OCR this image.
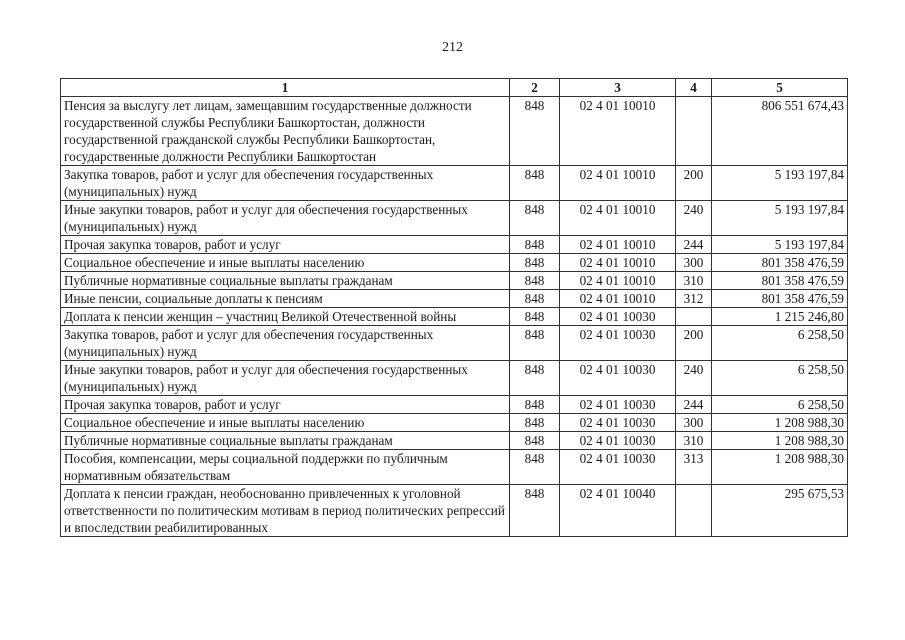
212
1	2	3	4	5
Пенсия за выслугу лет лицам, замещавшим государственные должности государственной службы Республики Башкортостан, должности государственной гражданской службы Республики Башкортостан, государственные должности Республики Башкортостан	848	02 4 01 10010		806 551 674,43
Закупка товаров, работ и услуг для обеспечения государственных (муниципальных) нужд	848	02 4 01 10010	200	5 193 197,84
Иные закупки товаров, работ и услуг для обеспечения государственных (муниципальных) нужд	848	02 4 01 10010	240	5 193 197,84
Прочая закупка товаров, работ и услуг	848	02 4 01 10010	244	5 193 197,84
Социальное обеспечение и иные выплаты населению	848	02 4 01 10010	300	801 358 476,59
Публичные нормативные социальные выплаты гражданам	848	02 4 01 10010	310	801 358 476,59
Иные пенсии, социальные доплаты к пенсиям	848	02 4 01 10010	312	801 358 476,59
Доплата к пенсии женщин – участниц Великой Отечественной войны	848	02 4 01 10030		1 215 246,80
Закупка товаров, работ и услуг для обеспечения государственных (муниципальных) нужд	848	02 4 01 10030	200	6 258,50
Иные закупки товаров, работ и услуг для обеспечения государственных (муниципальных) нужд	848	02 4 01 10030	240	6 258,50
Прочая закупка товаров, работ и услуг	848	02 4 01 10030	244	6 258,50
Социальное обеспечение и иные выплаты населению	848	02 4 01 10030	300	1 208 988,30
Публичные нормативные социальные выплаты гражданам	848	02 4 01 10030	310	1 208 988,30
Пособия, компенсации, меры социальной поддержки по публичным нормативным обязательствам	848	02 4 01 10030	313	1 208 988,30
Доплата к пенсии граждан, необоснованно привлеченных к уголовной ответственности по политическим мотивам в период политических репрессий и впоследствии реабилитированных	848	02 4 01 10040		295 675,53
